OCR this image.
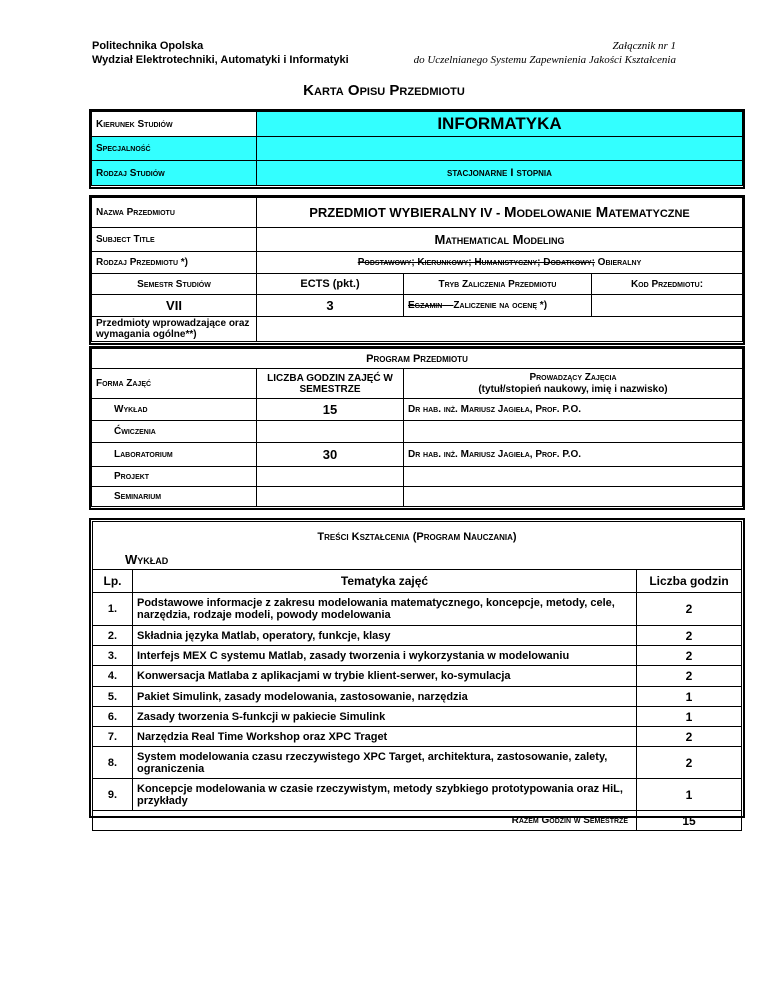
Politechnika Opolska
Wydział Elektrotechniki, Automatyki i Informatyki
Załącznik nr 1
do Uczelnianego Systemu Zapewnienia Jakości Kształcenia
Karta Opisu Przedmiotu
Kierunek Studiów	INFORMATYKA
Specjalność	
Rodzaj Studiów	stacjonarne I stopnia
Nazwa Przedmiotu	PRZEDMIOT WYBIERALNY IV - Modelowanie Matematyczne		
Subject Title	Mathematical Modeling		
Rodzaj Przedmiotu *)	Podstawowy; Kierunkowy; Humanistyczny; Dodatkowy; Obieralny		
Semestr Studiów	ECTS (pkt.)	Tryb Zaliczenia Przedmiotu	Kod Przedmiotu:
VII	3	Egzamin – Zaliczenie na ocenę *)	
Przedmioty wprowadzające oraz wymagania ogólne**)			
Program Przedmiotu		
Forma Zajęć	LICZBA GODZIN ZAJĘĆ W SEMESTRZE	Prowadzący Zajęcia
(tytuł/stopień naukowy, imię i nazwisko)

Wykład	15	Dr hab. inż. Mariusz Jagieła, Prof. P.O.
Ćwiczenia		
Laboratorium	30	Dr hab. inż. Mariusz Jagieła, Prof. P.O.
Projekt		
Seminarium		
Treści Kształcenia (Program Nauczania)
Wykład
Lp.	Tematyka zajęć	Liczba godzin
1.	Podstawowe informacje z zakresu modelowania matematycznego, koncepcje, metody, cele, narzędzia, rodzaje modeli, powody modelowania	2
2.	Składnia języka Matlab, operatory, funkcje, klasy	2
3.	Interfejs MEX C systemu Matlab, zasady tworzenia i wykorzystania w modelowaniu	2
4.	Konwersacja Matlaba z aplikacjami w trybie klient-serwer, ko-symulacja	2
5.	Pakiet Simulink, zasady modelowania, zastosowanie, narzędzia	1
6.	Zasady tworzenia S-funkcji w pakiecie Simulink	1
7.	Narzędzia Real Time Workshop oraz XPC Traget	2
8.	System modelowania czasu rzeczywistego XPC Target, architektura, zastosowanie, zalety, ograniczenia	2
9.	Koncepcje modelowania w czasie rzeczywistym, metody szybkiego prototypowania oraz HiL, przykłady	1
	Razem Godzin w Semestrze	15
